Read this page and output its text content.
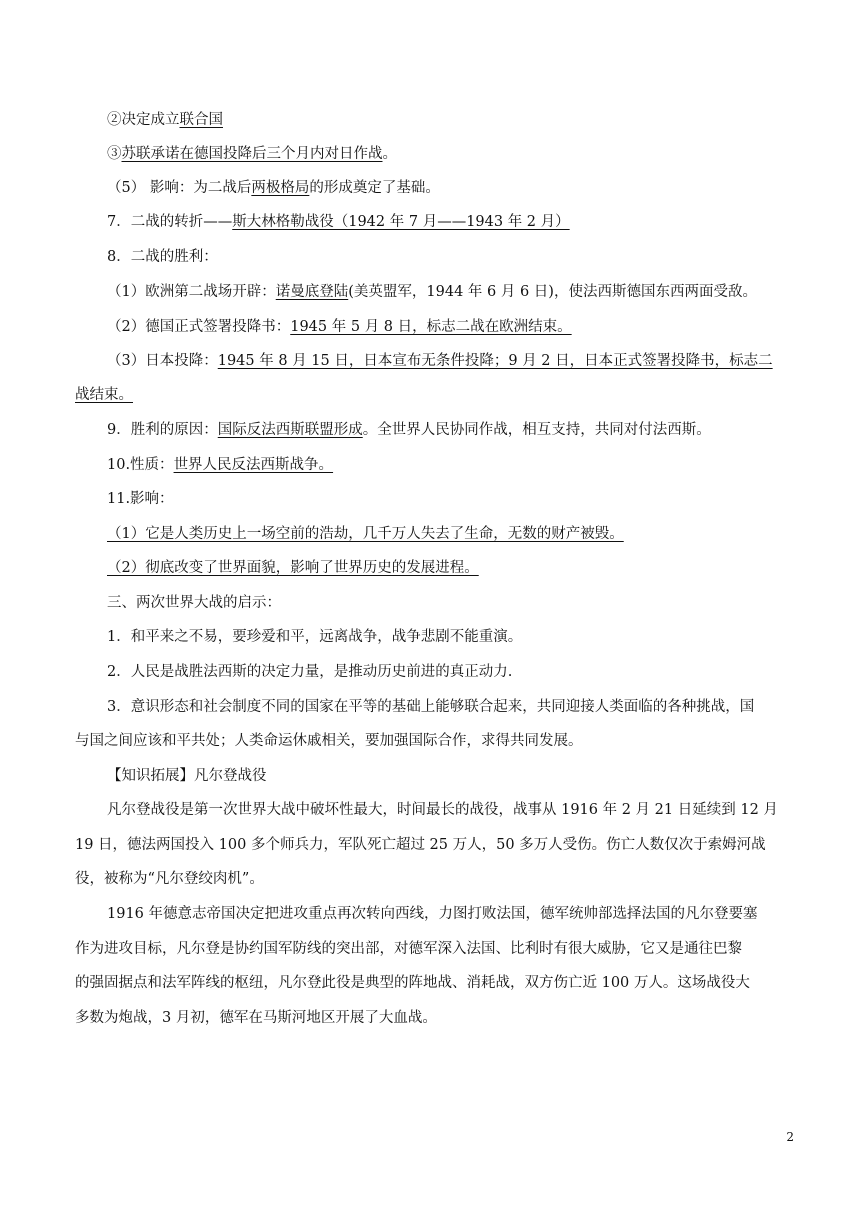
②决定成立联合国
③苏联承诺在德国投降后三个月内对日作战。
（5） 影响：为二战后两极格局的形成奠定了基础。
7．二战的转折——斯大林格勒战役（1942 年 7 月——1943 年 2 月）
8．二战的胜利：
（1）欧洲第二战场开辟：诺曼底登陆(美英盟军，1944 年 6 月 6 日)，使法西斯德国东西两面受敌。
（2）德国正式签署投降书：1945 年 5 月 8 日，标志二战在欧洲结束。
（3）日本投降：1945 年 8 月 15 日，日本宣布无条件投降；9 月 2 日，日本正式签署投降书，标志二
战结束。
9．胜利的原因：国际反法西斯联盟形成。全世界人民协同作战，相互支持，共同对付法西斯。
10.性质：世界人民反法西斯战争。
11.影响：
（1）它是人类历史上一场空前的浩劫，几千万人失去了生命，无数的财产被毁。
（2）彻底改变了世界面貌，影响了世界历史的发展进程。
三、两次世界大战的启示：
1．和平来之不易，要珍爱和平，远离战争，战争悲剧不能重演。
2．人民是战胜法西斯的决定力量，是推动历史前进的真正动力.
3．意识形态和社会制度不同的国家在平等的基础上能够联合起来，共同迎接人类面临的各种挑战，国
与国之间应该和平共处；人类命运休戚相关，要加强国际合作，求得共同发展。
【知识拓展】凡尔登战役
凡尔登战役是第一次世界大战中破坏性最大，时间最长的战役，战事从 1916 年 2 月 21 日延续到 12 月
19 日，德法两国投入 100 多个师兵力，军队死亡超过 25 万人，50 多万人受伤。伤亡人数仅次于索姆河战
役，被称为“凡尔登绞肉机”。
1916 年德意志帝国决定把进攻重点再次转向西线，力图打败法国，德军统帅部选择法国的凡尔登要塞
作为进攻目标，凡尔登是协约国军防线的突出部，对德军深入法国、比利时有很大威胁，它又是通往巴黎
的强固据点和法军阵线的枢纽，凡尔登此役是典型的阵地战、消耗战，双方伤亡近 100 万人。这场战役大
多数为炮战，3 月初，德军在马斯河地区开展了大血战。
2
